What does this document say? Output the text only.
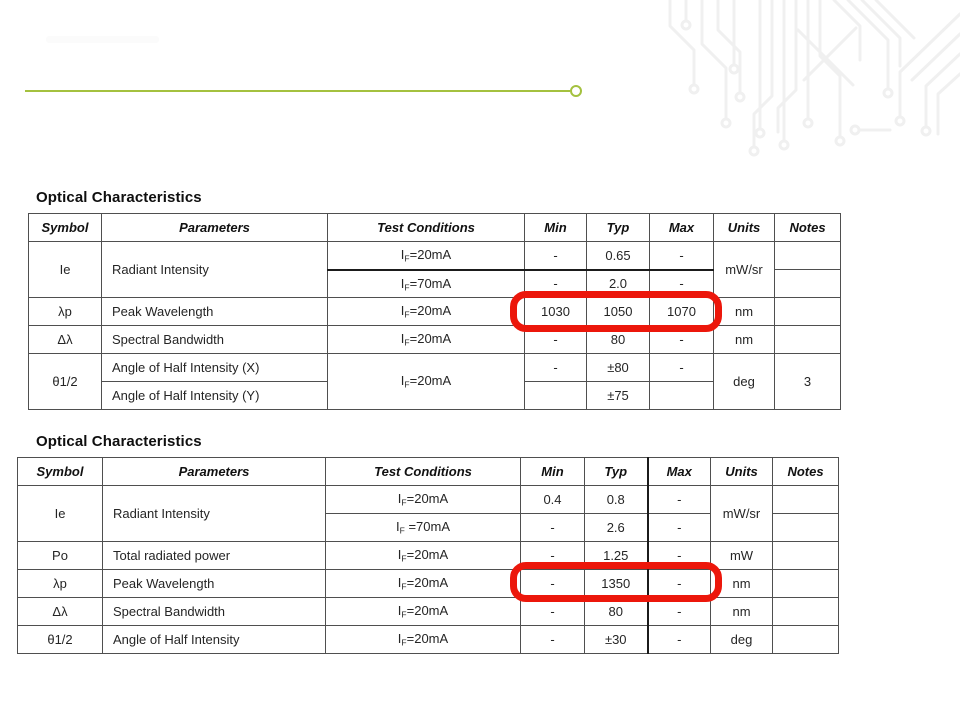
Optical Characteristics
Symbol	Parameters	Test Conditions	Min	Typ	Max	Units	Notes
Ie	Radiant Intensity	IF=20mA	-	0.65	-	mW/sr	
		IF=70mA	-	2.0	-		
λp	Peak Wavelength	IF=20mA	1030	1050	1070	nm	
Δλ	Spectral Bandwidth	IF=20mA	-	80	-	nm	
θ1/2	Angle of Half Intensity (X)	IF=20mA	-	±80	-	deg	3
	Angle of Half Intensity (Y)			±75			
Optical Characteristics
Symbol	Parameters	Test Conditions	Min	Typ	Max	Units	Notes
Ie	Radiant Intensity	IF=20mA	0.4	0.8	-	mW/sr	
		IF =70mA	-	2.6	-		
Po	Total radiated power	IF=20mA	-	1.25	-	mW	
λp	Peak Wavelength	IF=20mA	-	1350	-	nm	
Δλ	Spectral Bandwidth	IF=20mA	-	80	-	nm	
θ1/2	Angle of Half Intensity	IF=20mA	-	±30	-	deg	
